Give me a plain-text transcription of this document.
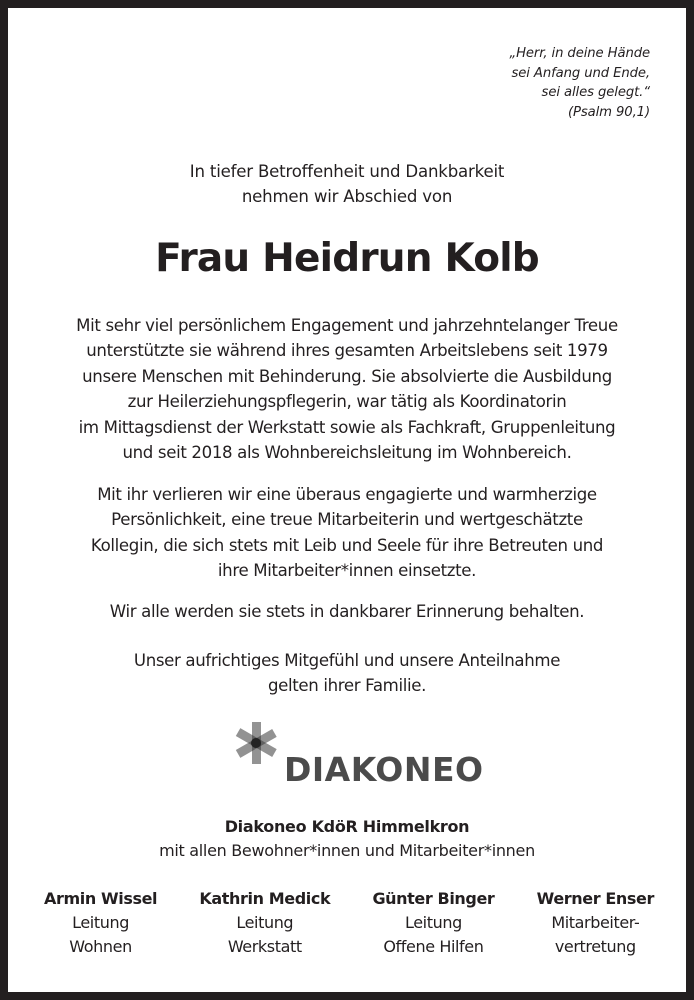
„Herr, in deine Hände
sei Anfang und Ende,
sei alles gelegt.“
(Psalm 90,1)
In tiefer Betroffenheit und Dankbarkeit
nehmen wir Abschied von
Frau Heidrun Kolb
Mit sehr viel persönlichem Engagement und jahrzehntelanger Treue
unterstützte sie während ihres gesamten Arbeitslebens seit 1979
unsere Menschen mit Behinderung. Sie absolvierte die Ausbildung
zur Heilerziehungspflegerin, war tätig als Koordinatorin
im Mittagsdienst der Werkstatt sowie als Fachkraft, Gruppenleitung
und seit 2018 als Wohnbereichsleitung im Wohnbereich.
Mit ihr verlieren wir eine überaus engagierte und warmherzige
Persönlichkeit, eine treue Mitarbeiterin und wertgeschätzte
Kollegin, die sich stets mit Leib und Seele für ihre Betreuten und
ihre Mitarbeiter*innen einsetzte.
Wir alle werden sie stets in dankbarer Erinnerung behalten.
Unser aufrichtiges Mitgefühl und unsere Anteilnahme
gelten ihrer Familie.
DIAKONEO
Diakoneo KdöR Himmelkron
mit allen Bewohner*innen und Mitarbeiter*innen
Armin Wissel
Leitung
Wohnen
Kathrin Medick
Leitung
Werkstatt
Günter Binger
Leitung
Offene Hilfen
Werner Enser
Mitarbeiter-
vertretung
